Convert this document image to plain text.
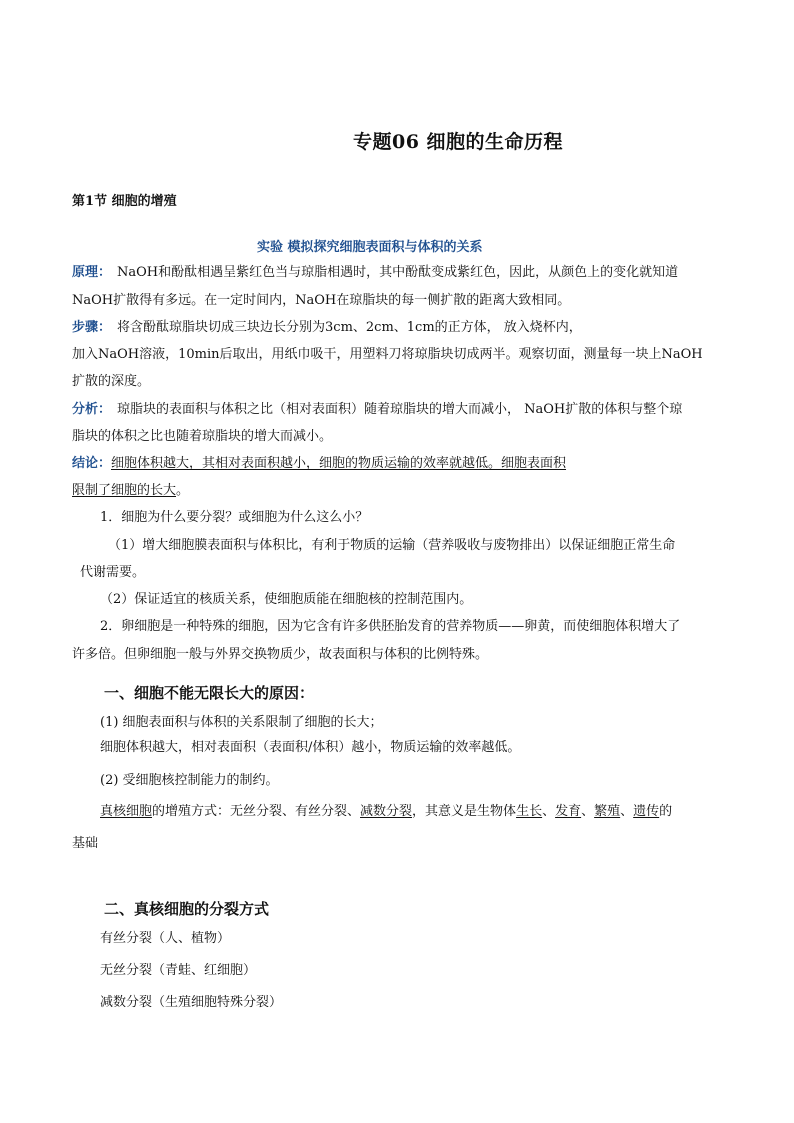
专题06 细胞的生命历程
第1节 细胞的增殖
实验 模拟探究细胞表面积与体积的关系
原理： NaOH和酚酞相遇呈紫红色当与琼脂相遇时，其中酚酞变成紫红色，因此，从颜色上的变化就知道
NaOH扩散得有多远。在一定时间内，NaOH在琼脂块的每一侧扩散的距离大致相同。
步骤： 将含酚酞琼脂块切成三块边长分别为3cm、2cm、1cm的正方体， 放入烧杯内，
加入NaOH溶液，10min后取出，用纸巾吸干，用塑料刀将琼脂块切成两半。观察切面，测量每一块上NaOH
扩散的深度。
分析： 琼脂块的表面积与体积之比（相对表面积）随着琼脂块的增大而减小， NaOH扩散的体积与整个琼
脂块的体积之比也随着琼脂块的增大而减小。
结论：细胞体积越大，其相对表面积越小，细胞的物质运输的效率就越低。细胞表面积
限制了细胞的长大。
1．细胞为什么要分裂？或细胞为什么这么小？
（1）增大细胞膜表面积与体积比，有利于物质的运输（营养吸收与废物排出）以保证细胞正常生命
代谢需要。
（2）保证适宜的核质关系，使细胞质能在细胞核的控制范围内。
2．卵细胞是一种特殊的细胞，因为它含有许多供胚胎发育的营养物质——卵黄，而使细胞体积增大了
许多倍。但卵细胞一般与外界交换物质少，故表面积与体积的比例特殊。
一、细胞不能无限长大的原因：
(1) 细胞表面积与体积的关系限制了细胞的长大；
细胞体积越大，相对表面积（表面积/体积）越小，物质运输的效率越低。
(2) 受细胞核控制能力的制约。
真核细胞的增殖方式：无丝分裂、有丝分裂、减数分裂，其意义是生物体生长、发育、繁殖、遗传的
基础
二、真核细胞的分裂方式
有丝分裂（人、植物）
无丝分裂（青蛙、红细胞）
减数分裂（生殖细胞特殊分裂）
